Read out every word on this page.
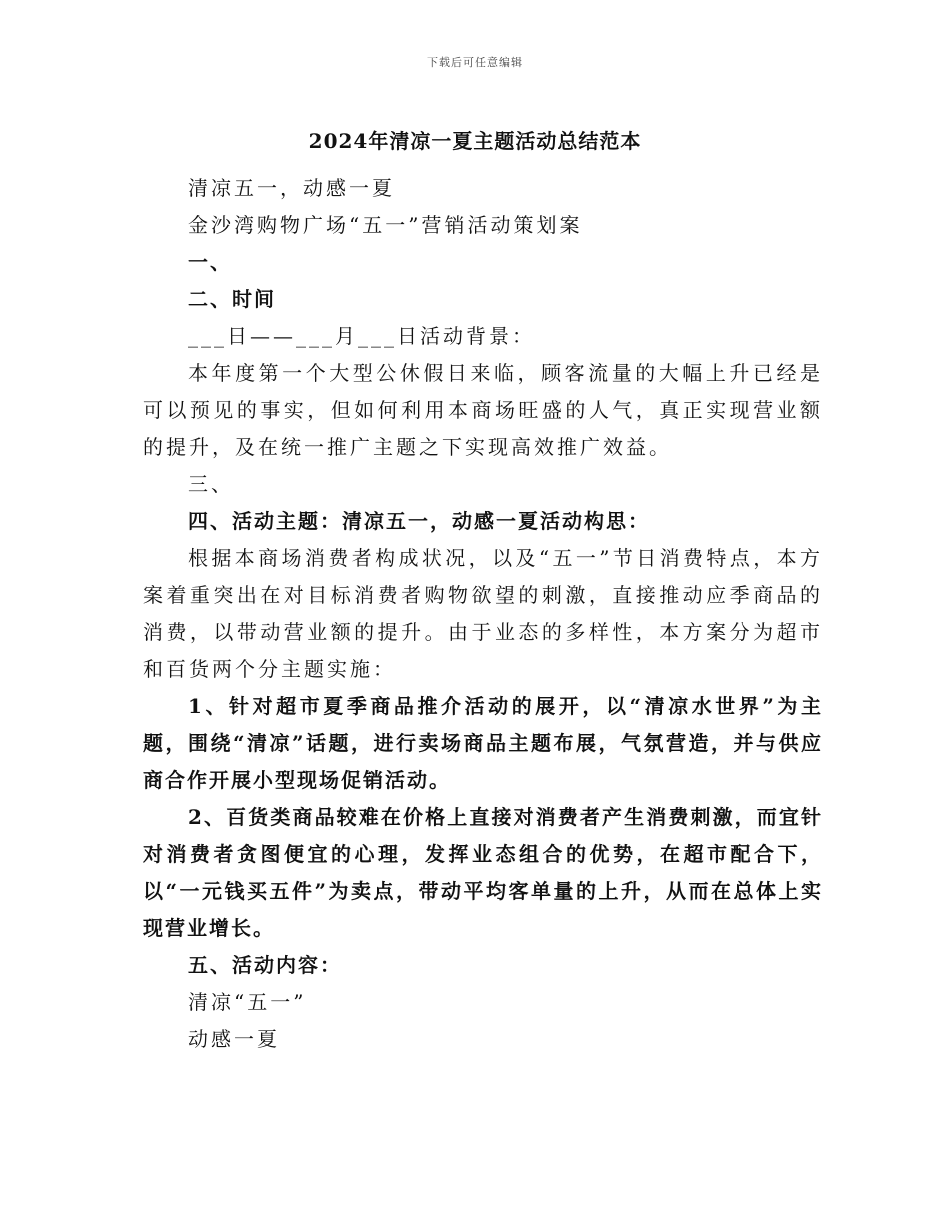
下载后可任意编辑
2024年清凉一夏主题活动总结范本

清凉五一，动感一夏

金沙湾购物广场“五一”营销活动策划案

一、

二、时间

___日——___月___日活动背景：

本年度第一个大型公休假日来临，顾客流量的大幅上升已经是可以预见的事实，但如何利用本商场旺盛的人气，真正实现营业额的提升，及在统一推广主题之下实现高效推广效益。

三、

四、活动主题：清凉五一，动感一夏活动构思：

根据本商场消费者构成状况，以及“五一”节日消费特点，本方案着重突出在对目标消费者购物欲望的刺激，直接推动应季商品的消费，以带动营业额的提升。由于业态的多样性，本方案分为超市和百货两个分主题实施：

1、针对超市夏季商品推介活动的展开，以“清凉水世界”为主题，围绕“清凉”话题，进行卖场商品主题布展，气氛营造，并与供应商合作开展小型现场促销活动。

2、百货类商品较难在价格上直接对消费者产生消费刺激，而宜针对消费者贪图便宜的心理，发挥业态组合的优势，在超市配合下，以“一元钱买五件”为卖点，带动平均客单量的上升，从而在总体上实现营业增长。

五、活动内容：

清凉“五一”

动感一夏
